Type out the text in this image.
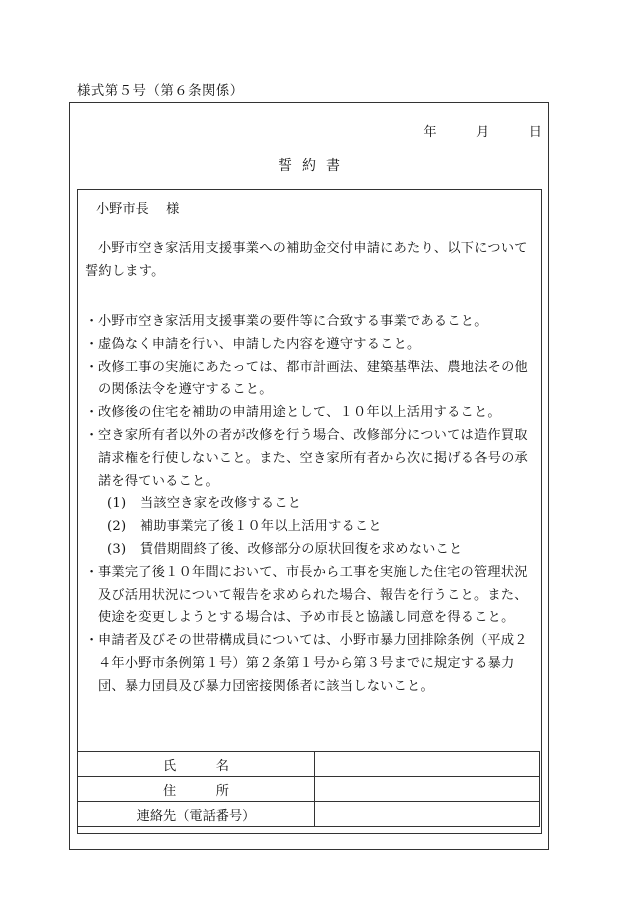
様式第５号（第６条関係）
年　　　月　　　日
誓約書
小野市長　 様
小野市空き家活用支援事業への補助金交付申請にあたり、以下について誓約します。
・ 小野市空き家活用支援事業の要件等に合致する事業であること。
・ 虚偽なく申請を行い、申請した内容を遵守すること。
・ 改修工事の実施にあたっては、都市計画法、建築基準法、農地法その他の関係法令を遵守すること。
・ 改修後の住宅を補助の申請用途として、１０年以上活用すること。
・ 空き家所有者以外の者が改修を行う場合、改修部分については造作買取請求権を行使しないこと。また、空き家所有者から次に掲げる各号の承諾を得ていること。
(1) 当該空き家を改修すること
(2) 補助事業完了後１０年以上活用すること
(3) 賃借期間終了後、改修部分の原状回復を求めないこと
・ 事業完了後１０年間において、市長から工事を実施した住宅の管理状況及び活用状況について報告を求められた場合、報告を行うこと。また、使途を変更しようとする場合は、予め市長と協議し同意を得ること。
・ 申請者及びその世帯構成員については、小野市暴力団排除条例（平成２４年小野市条例第１号）第２条第１号から第３号までに規定する暴力団、暴力団員及び暴力団密接関係者に該当しないこと。
氏　　　名	
住　　　所	
連絡先（電話番号）	
